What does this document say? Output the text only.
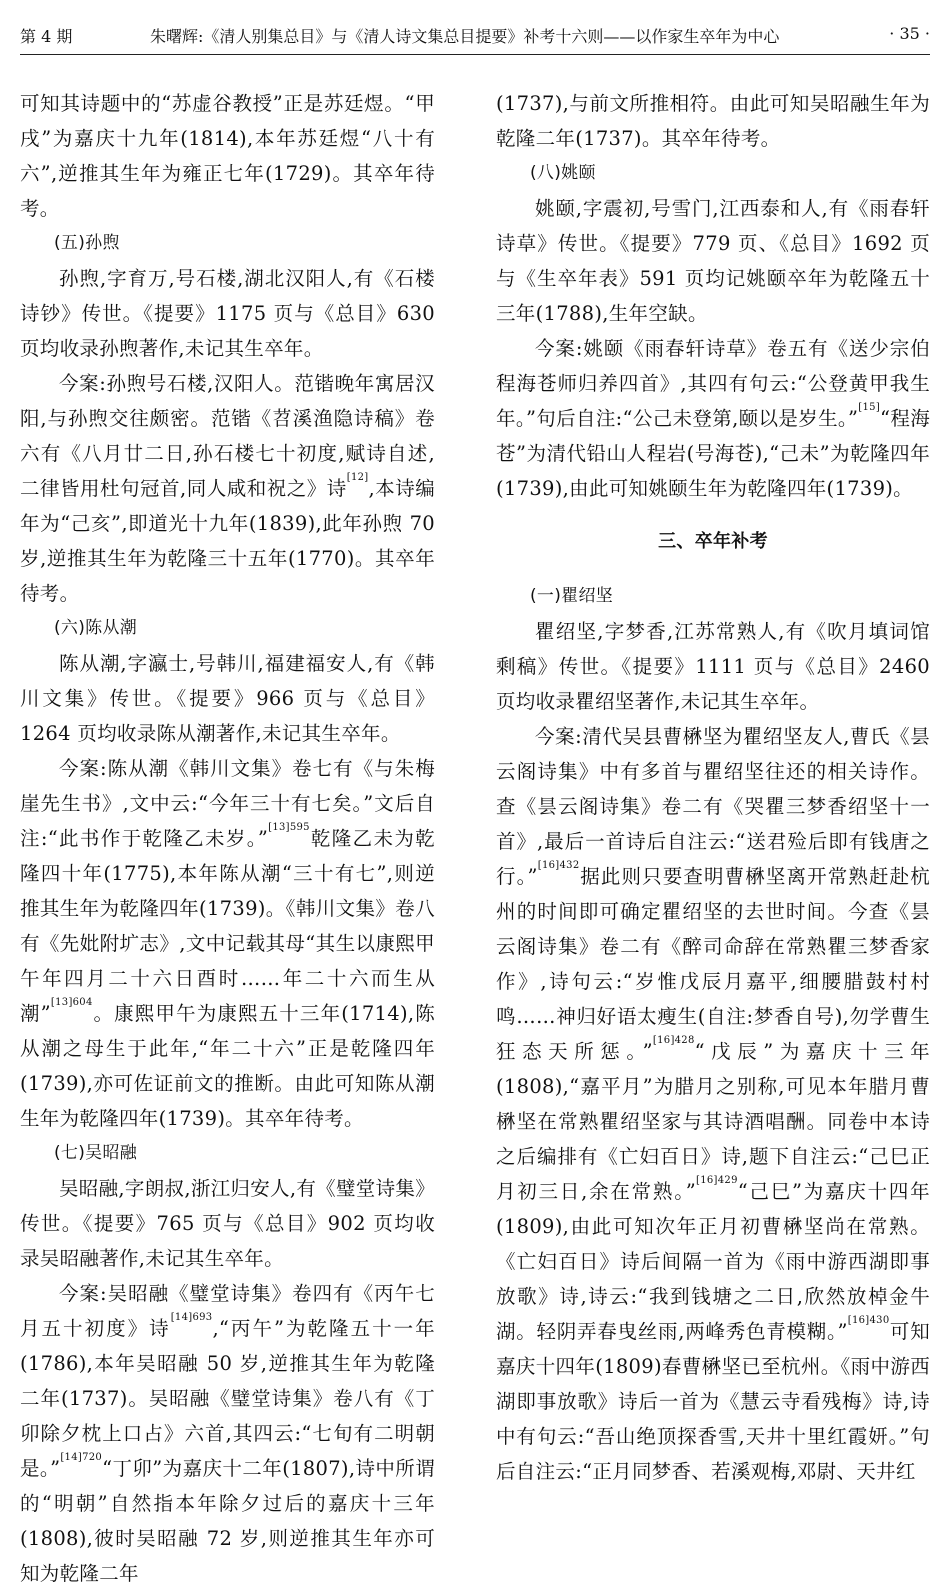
第 4 期	朱曙辉:《清人别集总目》与《清人诗文集总目提要》补考十六则——以作家生卒年为中心	· 35 ·

可知其诗题中的“苏虚谷教授”正是苏廷煜。“甲戌”为嘉庆十九年(1814),本年苏廷煜“八十有六”,逆推其生年为雍正七年(1729)。其卒年待考。

(五)孙煦

孙煦,字育万,号石楼,湖北汉阳人,有《石楼诗钞》传世。《提要》1175 页与《总目》630 页均收录孙煦著作,未记其生卒年。

今案:孙煦号石楼,汉阳人。范锴晚年寓居汉阳,与孙煦交往颇密。范锴《苕溪渔隐诗稿》卷六有《八月廿二日,孙石楼七十初度,赋诗自述,二律皆用杜句冠首,同人咸和祝之》诗[12],本诗编年为“己亥”,即道光十九年(1839),此年孙煦 70 岁,逆推其生年为乾隆三十五年(1770)。其卒年待考。

(六)陈从潮

陈从潮,字瀛士,号韩川,福建福安人,有《韩川文集》传世。《提要》966 页与《总目》1264 页均收录陈从潮著作,未记其生卒年。

今案:陈从潮《韩川文集》卷七有《与朱梅崖先生书》,文中云:“今年三十有七矣。”文后自注:“此书作于乾隆乙未岁。”$^{[13]595}$乾隆乙未为乾隆四十年(1775),本年陈从潮“三十有七”,则逆推其生年为乾隆四年(1739)。《韩川文集》卷八有《先妣附圹志》,文中记载其母“其生以康熙甲午年四月二十六日酉时……年二十六而生从潮”$^{[13]604}$。康熙甲午为康熙五十三年(1714),陈从潮之母生于此年,“年二十六”正是乾隆四年(1739),亦可佐证前文的推断。由此可知陈从潮生年为乾隆四年(1739)。其卒年待考。

(七)吴昭融

吴昭融,字朗叔,浙江归安人,有《璧堂诗集》传世。《提要》765 页与《总目》902 页均收录吴昭融著作,未记其生卒年。

今案:吴昭融《璧堂诗集》卷四有《丙午七月五十初度》诗$^{[14]693}$,“丙午”为乾隆五十一年(1786),本年吴昭融 50 岁,逆推其生年为乾隆二年(1737)。吴昭融《璧堂诗集》卷八有《丁卯除夕枕上口占》六首,其四云:“七旬有二明朝是。”$^{[14]720}$“丁卯”为嘉庆十二年(1807),诗中所谓的“明朝”自然指本年除夕过后的嘉庆十三年(1808),彼时吴昭融 72 岁,则逆推其生年亦可知为乾隆二年

(1737),与前文所推相符。由此可知吴昭融生年为乾隆二年(1737)。其卒年待考。

(八)姚颐

姚颐,字震初,号雪门,江西泰和人,有《雨春轩诗草》传世。《提要》779 页、《总目》1692 页与《生卒年表》591 页均记姚颐卒年为乾隆五十三年(1788),生年空缺。

今案:姚颐《雨春轩诗草》卷五有《送少宗伯程海苍师归养四首》,其四有句云:“公登黄甲我生年。”句后自注:“公己未登第,颐以是岁生。”[15]“程海苍”为清代铅山人程岩(号海苍),“己未”为乾隆四年(1739),由此可知姚颐生年为乾隆四年(1739)。

三、卒年补考

(一)瞿绍坚

瞿绍坚,字梦香,江苏常熟人,有《吹月填词馆剩稿》传世。《提要》1111 页与《总目》2460 页均收录瞿绍坚著作,未记其生卒年。

今案:清代吴县曹楙坚为瞿绍坚友人,曹氏《昙云阁诗集》中有多首与瞿绍坚往还的相关诗作。查《昙云阁诗集》卷二有《哭瞿三梦香绍坚十一首》,最后一首诗后自注云:“送君殓后即有钱唐之行。”$^{[16]432}$据此则只要查明曹楙坚离开常熟赶赴杭州的时间即可确定瞿绍坚的去世时间。今查《昙云阁诗集》卷二有《醉司命辞在常熟瞿三梦香家作》,诗句云:“岁惟戊辰月嘉平,细腰腊鼓村村鸣……神归好语太瘦生(自注:梦香自号),勿学曹生狂态天所惩。”$^{[16]428}$“戊辰”为嘉庆十三年(1808),“嘉平月”为腊月之别称,可见本年腊月曹楙坚在常熟瞿绍坚家与其诗酒唱酬。同卷中本诗之后编排有《亡妇百日》诗,题下自注云:“己巳正月初三日,余在常熟。”$^{[16]429}$“己巳”为嘉庆十四年(1809),由此可知次年正月初曹楙坚尚在常熟。《亡妇百日》诗后间隔一首为《雨中游西湖即事放歌》诗,诗云:“我到钱塘之二日,欣然放棹金牛湖。轻阴弄春曳丝雨,两峰秀色青模糊。”$^{[16]430}$可知嘉庆十四年(1809)春曹楙坚已至杭州。《雨中游西湖即事放歌》诗后一首为《慧云寺看残梅》诗,诗中有句云:“吾山绝顶探香雪,天井十里红霞妍。”句后自注云:“正月同梦香、若溪观梅,邓尉、天井红
